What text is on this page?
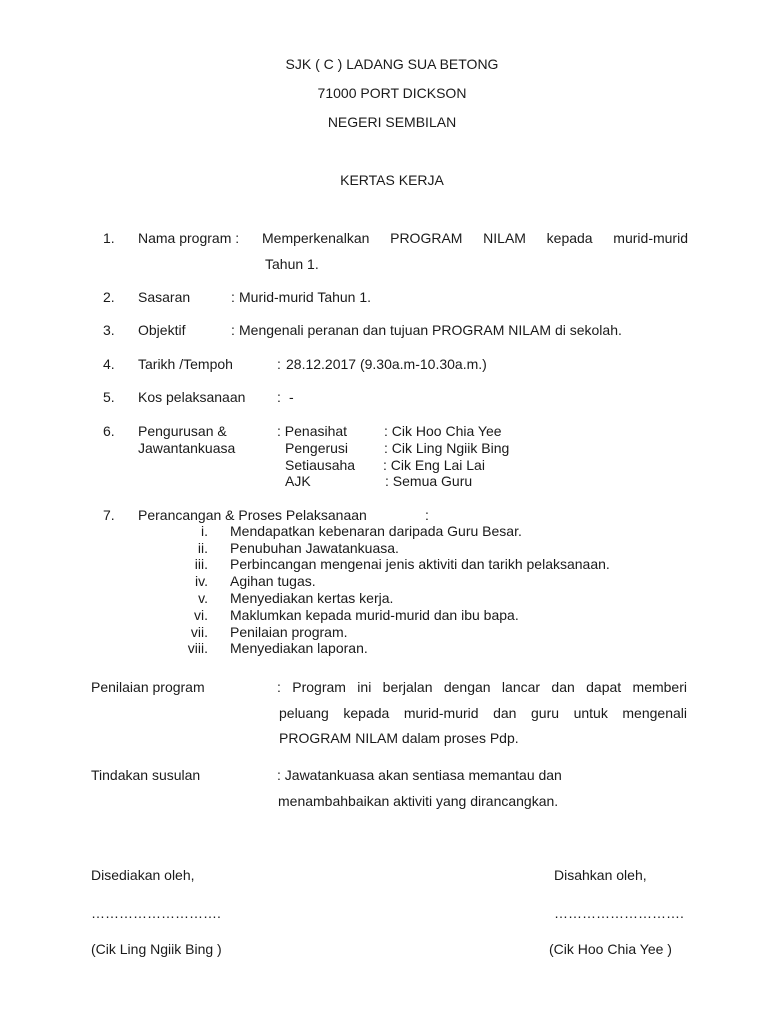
SJK ( C ) LADANG SUA BETONG
71000 PORT DICKSON
NEGERI SEMBILAN
KERTAS KERJA
1. Nama program : Memperkenalkan PROGRAM NILAM kepada murid-murid
Tahun 1.
2. Sasaran	: Murid-murid Tahun 1.
3. Objektif	: Mengenali peranan dan tujuan PROGRAM NILAM di sekolah.
4. Tarikh /Tempoh	: 28.12.2017 (9.30a.m-10.30a.m.)
5. Kos pelaksanaan : -
6. Pengurusan &
Jawantankuasa
: Penasihat	: Cik Hoo Chia Yee
Pengerusi	: Cik Ling Ngiik Bing
Setiausaha : Cik Eng Lai Lai
AJK	: Semua Guru
7. Perancangan & Proses Pelaksanaan	:
i. Mendapatkan kebenaran daripada Guru Besar.
ii. Penubuhan Jawatankuasa.
iii. Perbincangan mengenai jenis aktiviti dan tarikh pelaksanaan.
iv. Agihan tugas.
v. Menyediakan kertas kerja.
vi. Maklumkan kepada murid-murid dan ibu bapa.
vii. Penilaian program.
viii. Menyediakan laporan.
Penilaian program	: Program ini berjalan dengan lancar dan dapat memberi
peluang kepada murid-murid dan guru untuk mengenali
PROGRAM NILAM dalam proses Pdp.
Tindakan susulan	: Jawatankuasa akan sentiasa memantau dan
menambahbaikan aktiviti yang dirancangkan.
Disediakan oleh,	Disahkan oleh,
……………………….	……………………….
(Cik Ling Ngiik Bing )	(Cik Hoo Chia Yee )
